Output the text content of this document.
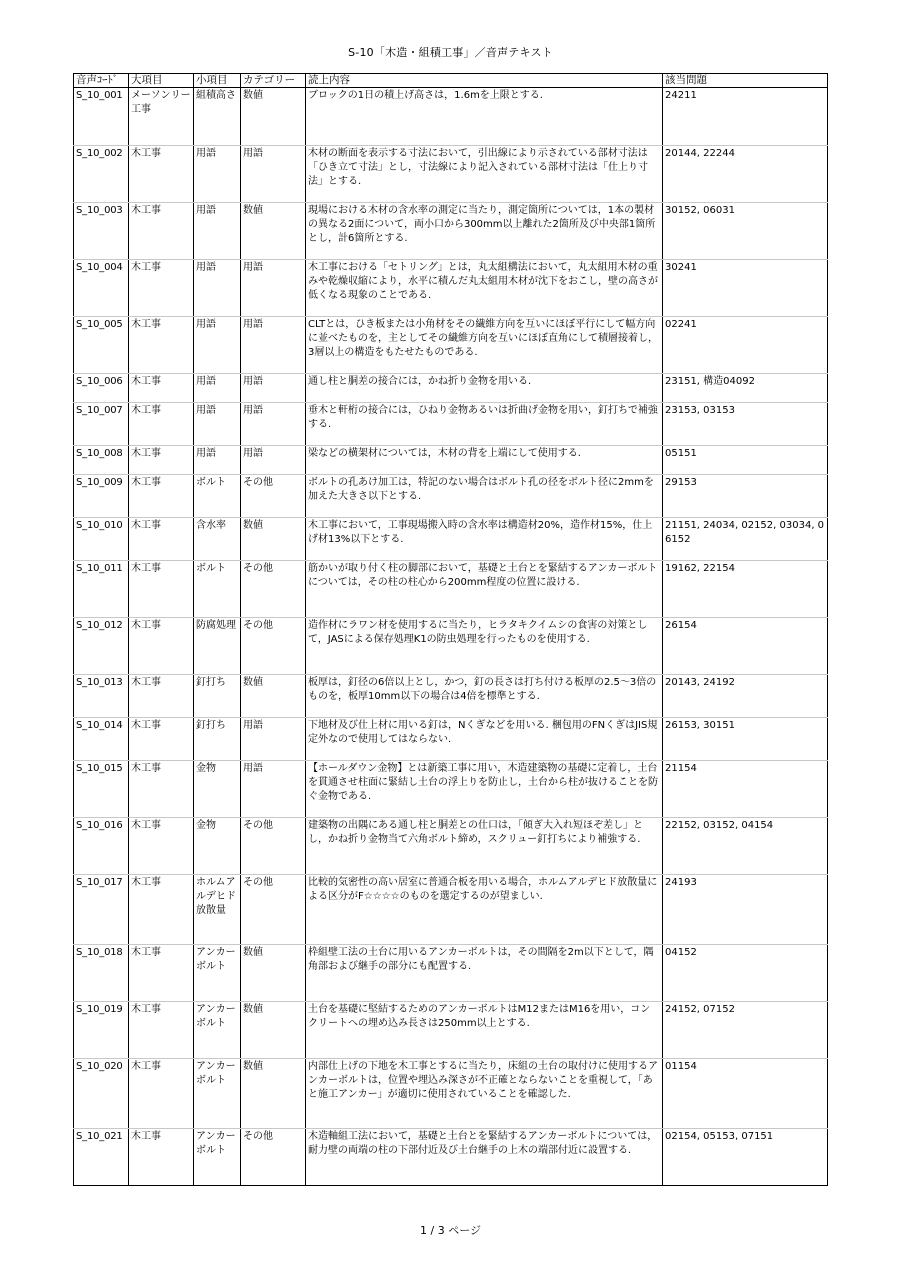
S-10「木造・組積工事」／音声テキスト
音声ｺｰﾄﾞ	大項目	小項目	カテゴリー	読上内容	該当問題
S_10_001	メーソンリー工事	組積高さ	数値	ブロックの1日の積上げ高さは，1.6mを上限とする.	24211
S_10_002	木工事	用語	用語	木材の断面を表示する寸法において，引出線により示されている部材寸法は「ひき立て寸法」とし，寸法線により記入されている部材寸法は「仕上り寸法」とする.	20144, 22244
S_10_003	木工事	用語	数値	現場における木材の含水率の測定に当たり，測定箇所については，1本の製材の異なる2面について，両小口から300mm以上離れた2箇所及び中央部1箇所とし，計6箇所とする.	30152, 06031
S_10_004	木工事	用語	用語	木工事における「セトリング」とは，丸太組構法において，丸太組用木材の重みや乾燥収縮により，水平に積んだ丸太組用木材が沈下をおこし，壁の高さが低くなる現象のことである.	30241
S_10_005	木工事	用語	用語	CLTとは，ひき板または小角材をその繊維方向を互いにほぼ平行にして幅方向に並べたものを，主としてその繊維方向を互いにほぼ直角にして積層接着し，3層以上の構造をもたせたものである.	02241
S_10_006	木工事	用語	用語	通し柱と胴差の接合には，かね折り金物を用いる.	23151, 構造04092
S_10_007	木工事	用語	用語	垂木と軒桁の接合には，ひねり金物あるいは折曲げ金物を用い，釘打ちで補強する.	23153, 03153
S_10_008	木工事	用語	用語	梁などの横架材については，木材の背を上端にして使用する.	05151
S_10_009	木工事	ボルト	その他	ボルトの孔あけ加工は，特記のない場合はボルト孔の径をボルト径に2mmを加えた大きさ以下とする.	29153
S_10_010	木工事	含水率	数値	木工事において，工事現場搬入時の含水率は構造材20%，造作材15%，仕上げ材13%以下とする.	21151, 24034, 02152, 03034, 06152
S_10_011	木工事	ボルト	その他	筋かいが取り付く柱の脚部において，基礎と土台とを緊結するアンカーボルトについては，その柱の柱心から200mm程度の位置に設ける.	19162, 22154
S_10_012	木工事	防腐処理	その他	造作材にラワン材を使用するに当たり，ヒラタキクイムシの食害の対策として，JASによる保存処理K1の防虫処理を行ったものを使用する.	26154
S_10_013	木工事	釘打ち	数値	板厚は，釘径の6倍以上とし，かつ，釘の長さは打ち付ける板厚の2.5〜3倍のものを，板厚10mm以下の場合は4倍を標準とする.	20143, 24192
S_10_014	木工事	釘打ち	用語	下地材及び仕上材に用いる釘は，Nくぎなどを用いる. 梱包用のFNくぎはJIS規定外なので使用してはならない.	26153, 30151
S_10_015	木工事	金物	用語	【ホールダウン金物】とは新築工事に用い，木造建築物の基礎に定着し，土台を貫通させ柱面に緊結し土台の浮上りを防止し，土台から柱が抜けることを防ぐ金物である.	21154
S_10_016	木工事	金物	その他	建築物の出隅にある通し柱と胴差との仕口は，「傾ぎ大入れ短ほぞ差し」とし，かね折り金物当て六角ボルト締め，スクリュー釘打ちにより補強する.	22152, 03152, 04154
S_10_017	木工事	ホルムアルデヒド放散量	その他	比較的気密性の高い居室に普通合板を用いる場合，ホルムアルデヒド放散量による区分がF☆☆☆☆のものを選定するのが望ましい.	24193
S_10_018	木工事	アンカーボルト	数値	枠組壁工法の土台に用いるアンカーボルトは，その間隔を2m以下として，隅角部および継手の部分にも配置する.	04152
S_10_019	木工事	アンカーボルト	数値	土台を基礎に堅結するためのアンカーボルトはM12またはM16を用い，コンクリートへの埋め込み長さは250mm以上とする.	24152, 07152
S_10_020	木工事	アンカーボルト	数値	内部仕上げの下地を木工事とするに当たり，床組の土台の取付けに使用するアンカーボルトは，位置や埋込み深さが不正確とならないことを重視して，「あと施工アンカー」が適切に使用されていることを確認した.	01154
S_10_021	木工事	アンカーボルト	その他	木造軸組工法において，基礎と土台とを緊結するアンカーボルトについては，耐力壁の両端の柱の下部付近及び土台継手の上木の端部付近に設置する.	02154, 05153, 07151
1 / 3 ページ
